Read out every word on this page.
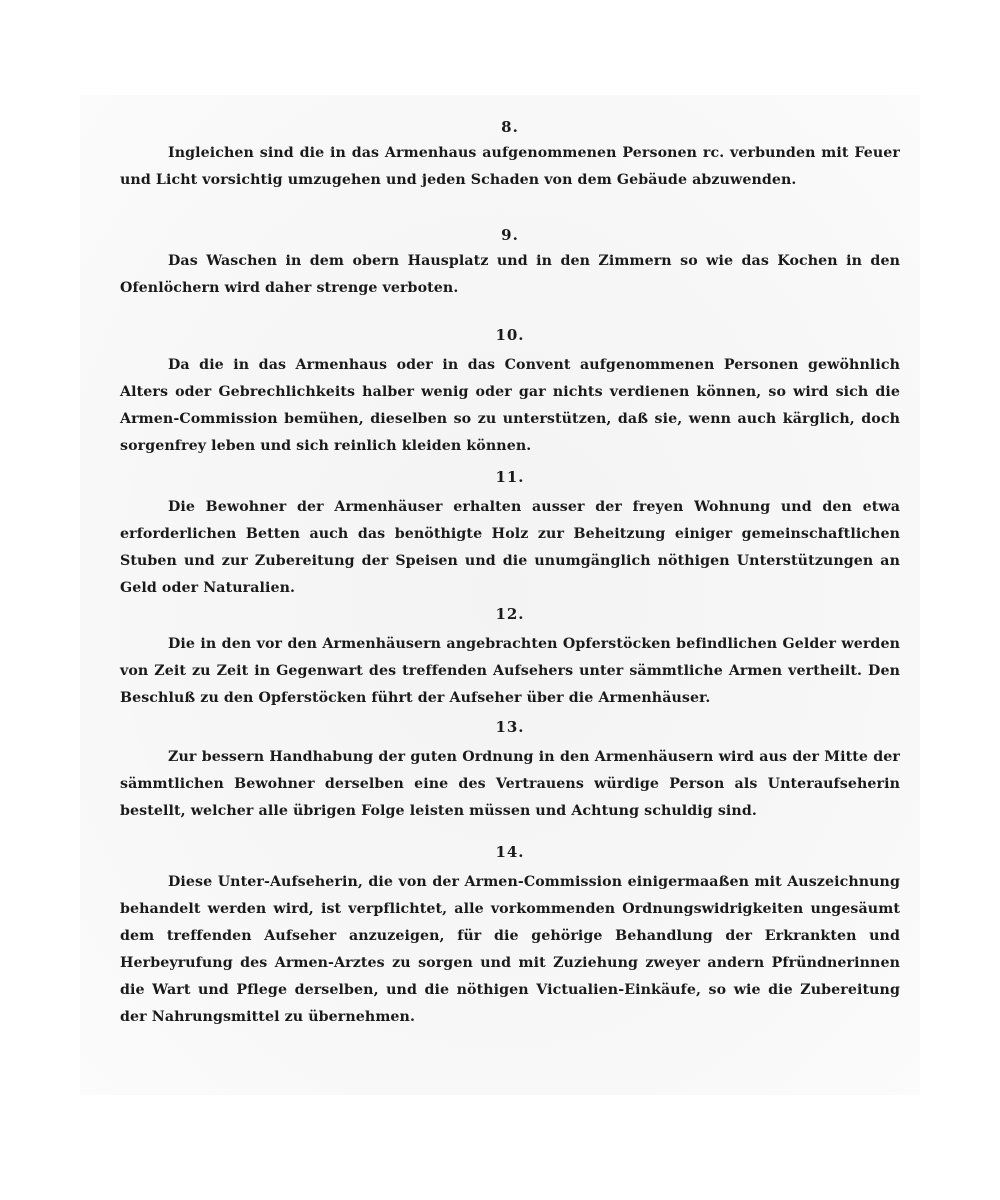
8.

Ingleichen sind die in das Armenhaus aufgenommenen Personen rc. verbunden mit Feuer und Licht vorsichtig umzugehen und jeden Schaden von dem Gebäude abzuwenden.

9.

Das Waschen in dem obern Hausplatz und in den Zimmern so wie das Kochen in den Ofenlöchern wird daher strenge verboten.

10.

Da die in das Armenhaus oder in das Convent aufgenommenen Personen gewöhnlich Alters oder Gebrechlichkeits halber wenig oder gar nichts verdienen können, so wird sich die Armen-Commission bemühen, dieselben so zu unterstützen, daß sie, wenn auch kärglich, doch sorgenfrey leben und sich reinlich kleiden können.

11.

Die Bewohner der Armenhäuser erhalten ausser der freyen Wohnung und den etwa erforderlichen Betten auch das benöthigte Holz zur Beheitzung einiger gemeinschaftlichen Stuben und zur Zubereitung der Speisen und die unumgänglich nöthigen Unterstützungen an Geld oder Naturalien.

12.

Die in den vor den Armenhäusern angebrachten Opferstöcken befindlichen Gelder werden von Zeit zu Zeit in Gegenwart des treffenden Aufsehers unter sämmtliche Armen vertheilt. Den Beschluß zu den Opferstöcken führt der Aufseher über die Armenhäuser.

13.

Zur bessern Handhabung der guten Ordnung in den Armenhäusern wird aus der Mitte der sämmtlichen Bewohner derselben eine des Vertrauens würdige Person als Unteraufseherin bestellt, welcher alle übrigen Folge leisten müssen und Achtung schuldig sind.

14.

Diese Unter-Aufseherin, die von der Armen-Commission einigermaaßen mit Auszeichnung behandelt werden wird, ist verpflichtet, alle vorkommenden Ordnungswidrigkeiten ungesäumt dem treffenden Aufseher anzuzeigen, für die gehörige Behandlung der Erkrankten und Herbeyrufung des Armen-Arztes zu sorgen und mit Zuziehung zweyer andern Pfründnerinnen die Wart und Pflege derselben, und die nöthigen Victualien-Einkäufe, so wie die Zubereitung der Nahrungsmittel zu übernehmen.
